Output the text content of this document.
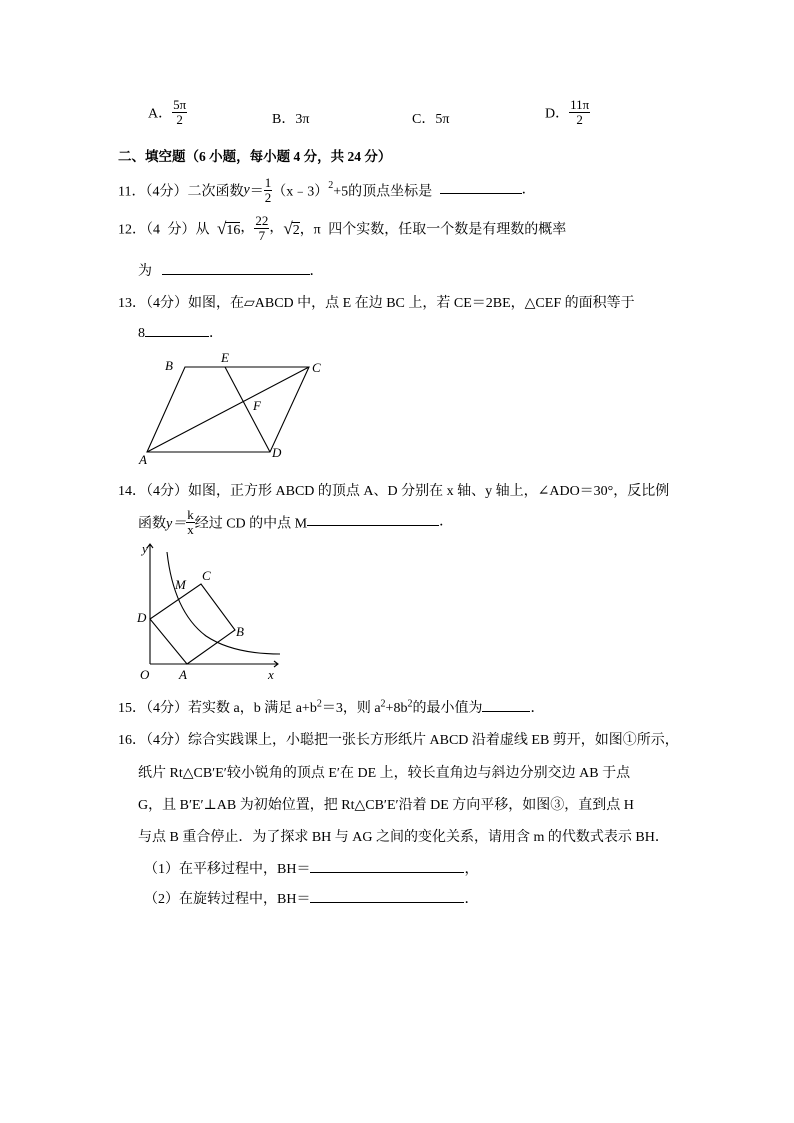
A． $\frac{5\pi}{2}$	B．3π	C．5π	D． $\frac{11\pi}{2}$
二、填空题（6 小题，每小题 4 分，共 24 分）
11．（4分）二次函数$y= \frac{1}{2}$ （x﹣3）$^2$+5的顶点坐标是	．
12．（4 分）从 √16， $\frac{22}{7}$ ，√2，π 四个实数，任取一个数是有理数的概率
为	．
13．（4分）如图，在▱ABCD 中，点 E 在边 BC 上，若 CE＝2BE，△CEF 的面积等于
8	．
B
E
C
F
A	D
14．（4分）如图，正方形 ABCD 的顶点 A、D 分别在 x 轴、y 轴上，∠ADO＝30°，反比例
函数$y= \frac{k}{x}$ 经过 CD 的中点 M	．
y
x
O A
B
C
D
M
15．（4分）若实数 a，b 满足 $a+b^2=3$，则 $a^2+8b^2$的最小值为	．
16．（4分）综合实践课上，小聪把一张长方形纸片 ABCD 沿着虚线 EB 剪开，如图①所示，
纸片 Rt△CB′E′较小锐角的顶点 E′在 DE 上，较长直角边与斜边分别交边 AB 于点
G，且 B′E′⊥AB 为初始位置，把 Rt△CB′E′沿着 DE 方向平移，如图③，直到点 H
与点 B 重合停止．为了探求 BH 与 AG 之间的变化关系，请用含 m 的代数式表示 BH．
（1）在平移过程中，BH＝	，
（2）在旋转过程中，BH＝	．
